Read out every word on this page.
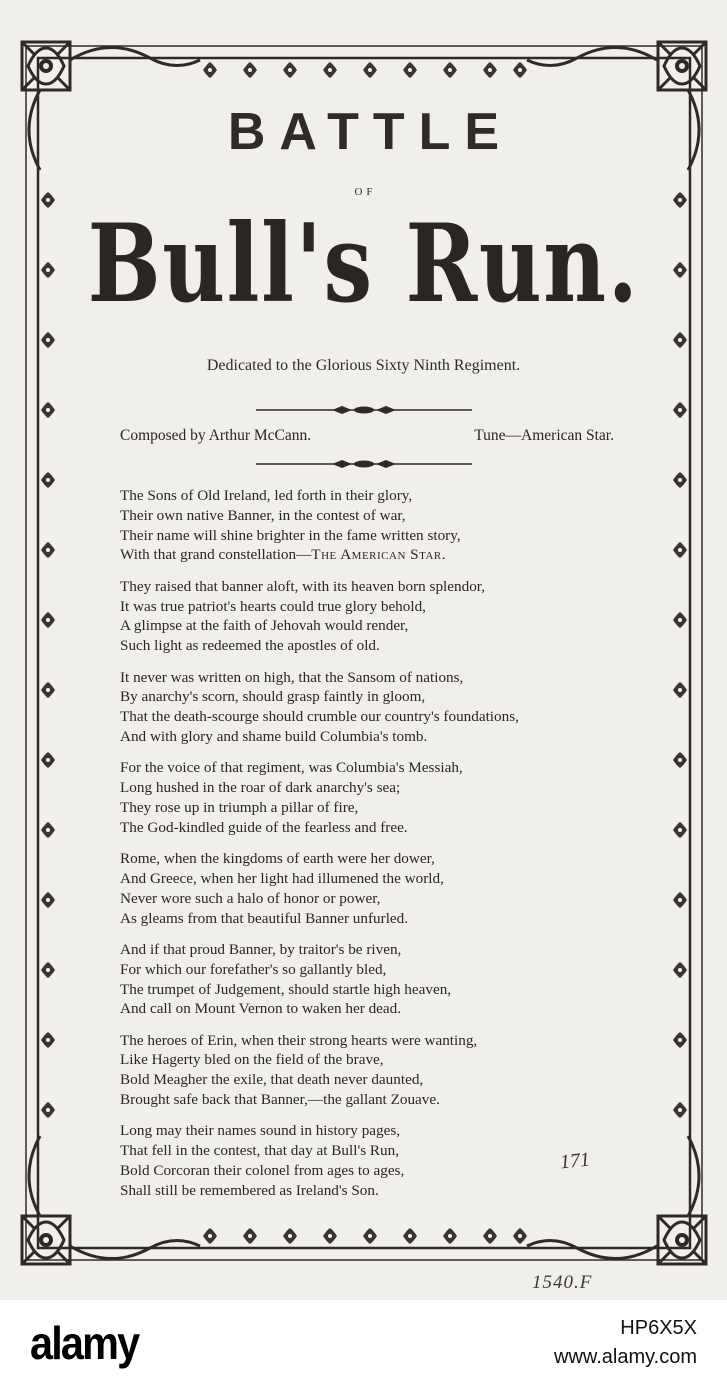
BATTLE
OF
Bull's Run.
Dedicated to the Glorious Sixty Ninth Regiment.
Composed by Arthur McCann.	Tune—American Star.
The Sons of Old Ireland, led forth in their glory,
Their own native Banner, in the contest of war,
Their name will shine brighter in the fame written story,
With that grand constellation—The American Star.
They raised that banner aloft, with its heaven born splendor,
It was true patriot's hearts could true glory behold,
A glimpse at the faith of Jehovah would render,
Such light as redeemed the apostles of old.
It never was written on high, that the Sansom of nations,
By anarchy's scorn, should grasp faintly in gloom,
That the death-scourge should crumble our country's foundations,
And with glory and shame build Columbia's tomb.
For the voice of that regiment, was Columbia's Messiah,
Long hushed in the roar of dark anarchy's sea;
They rose up in triumph a pillar of fire,
The God-kindled guide of the fearless and free.
Rome, when the kingdoms of earth were her dower,
And Greece, when her light had illumened the world,
Never wore such a halo of honor or power,
As gleams from that beautiful Banner unfurled.
And if that proud Banner, by traitor's be riven,
For which our forefather's so gallantly bled,
The trumpet of Judgement, should startle high heaven,
And call on Mount Vernon to waken her dead.
The heroes of Erin, when their strong hearts were wanting,
Like Hagerty bled on the field of the brave,
Bold Meagher the exile, that death never daunted,
Brought safe back that Banner,—the gallant Zouave.
Long may their names sound in history pages,
That fell in the contest, that day at Bull's Run,
Bold Corcoran their colonel from ages to ages,
Shall still be remembered as Ireland's Son.
171
1540.F
alamy	HP6X5X
www.alamy.com
